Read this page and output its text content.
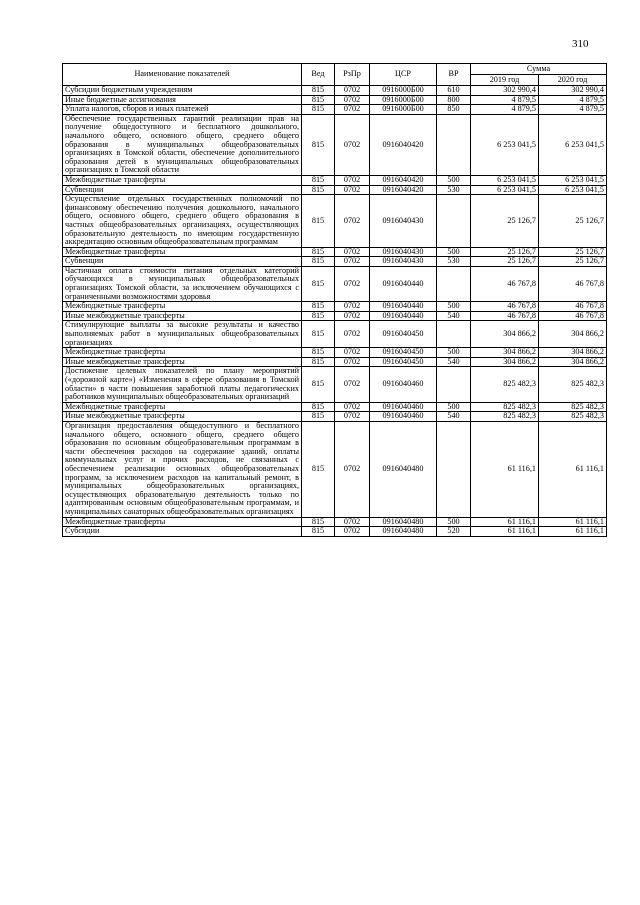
310
Наименование показателей	Вед	РзПр	ЦСР	ВР	Сумма	
					2019 год	2020 год
Субсидии бюджетным учреждениям	815	0702	0916000Б00	610	302 990,4	302 990,4
Иные бюджетные ассигнования	815	0702	0916000Б00	800	4 879,5	4 879,5
Уплата налогов, сборов и иных платежей	815	0702	0916000Б00	850	4 879,5	4 879,5
Обеспечение государственных гарантий реализации прав на получение общедоступного и бесплатного дошкольного, начального общего, основного общего, среднего общего образования в муниципальных общеобразовательных организациях в Томской области, обеспечение дополнительного образования детей в муниципальных общеобразовательных организациях в Томской области	815	0702	0916040420		6 253 041,5	6 253 041,5
Межбюджетные трансферты	815	0702	0916040420	500	6 253 041,5	6 253 041,5
Субвенции	815	0702	0916040420	530	6 253 041,5	6 253 041,5
Осуществление отдельных государственных полномочий по финансовому обеспечению получения дошкольного, начального общего, основного общего, среднего общего образования в частных общеобразовательных организациях, осуществляющих образовательную деятельность по имеющим государственную аккредитацию основным общеобразовательным программам	815	0702	0916040430		25 126,7	25 126,7
Межбюджетные трансферты	815	0702	0916040430	500	25 126,7	25 126,7
Субвенции	815	0702	0916040430	530	25 126,7	25 126,7
Частичная оплата стоимости питания отдельных категорий обучающихся в муниципальных общеобразовательных организациях Томской области, за исключением обучающихся с ограниченными возможностями здоровья	815	0702	0916040440		46 767,8	46 767,8
Межбюджетные трансферты	815	0702	0916040440	500	46 767,8	46 767,8
Иные межбюджетные трансферты	815	0702	0916040440	540	46 767,8	46 767,8
Стимулирующие выплаты за высокие результаты и качество выполняемых работ в муниципальных общеобразовательных организациях	815	0702	0916040450		304 866,2	304 866,2
Межбюджетные трансферты	815	0702	0916040450	500	304 866,2	304 866,2
Иные межбюджетные трансферты	815	0702	0916040450	540	304 866,2	304 866,2
Достижение целевых показателей по плану мероприятий («дорожной карте») «Изменения в сфере образования в Томской области» в части повышения заработной платы педагогических работников муниципальных общеобразовательных организаций	815	0702	0916040460		825 482,3	825 482,3
Межбюджетные трансферты	815	0702	0916040460	500	825 482,3	825 482,3
Иные межбюджетные трансферты	815	0702	0916040460	540	825 482,3	825 482,3
Организация предоставления общедоступного и бесплатного начального общего, основного общего, среднего общего образования по основным общеобразовательным программам в части обеспечения расходов на содержание зданий, оплаты коммунальных услуг и прочих расходов, не связанных с обеспечением реализации основных общеобразовательных программ, за исключением расходов на капитальный ремонт, в муниципальных общеобразовательных организациях, осуществляющих образовательную деятельность только по адаптированным основным общеобразовательным программам, и муниципальных санаторных общеобразовательных организациях	815	0702	0916040480		61 116,1	61 116,1
Межбюджетные трансферты	815	0702	0916040480	500	61 116,1	61 116,1
Субсидии	815	0702	0916040480	520	61 116,1	61 116,1
